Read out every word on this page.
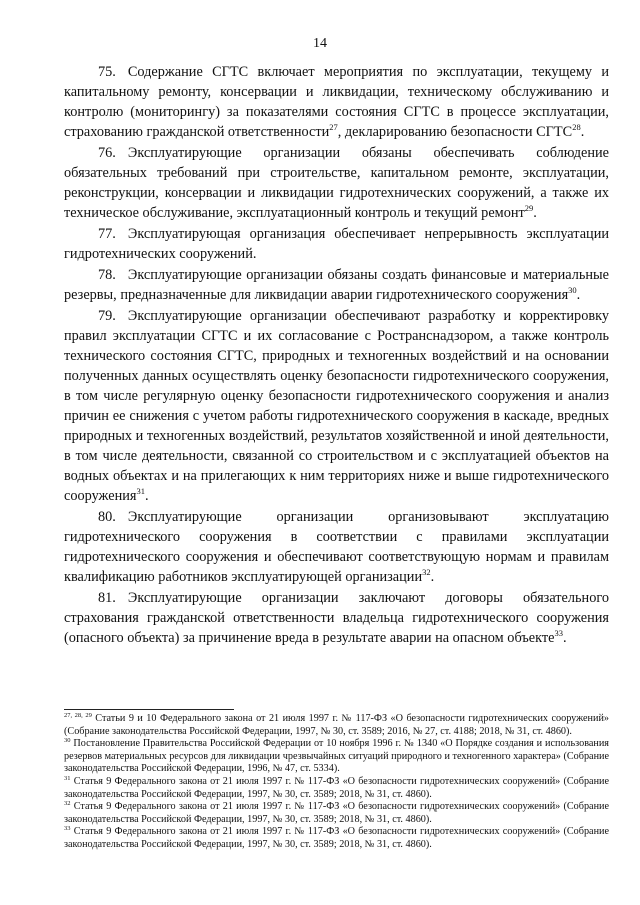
14

75. Содержание СГТС включает мероприятия по эксплуатации, текущему и капитальному ремонту, консервации и ликвидации, техническому обслуживанию и контролю (мониторингу) за показателями состояния СГТС в процессе эксплуатации, страхованию гражданской ответственности$^{27}$, декларированию безопасности СГТС$^{28}$.

76. Эксплуатирующие организации обязаны обеспечивать соблюдение обязательных требований при строительстве, капитальном ремонте, эксплуатации, реконструкции, консервации и ликвидации гидротехнических сооружений, а также их техническое обслуживание, эксплуатационный контроль и текущий ремонт$^{29}$.

77. Эксплуатирующая организация обеспечивает непрерывность эксплуатации гидротехнических сооружений.

78. Эксплуатирующие организации обязаны создать финансовые и материальные резервы, предназначенные для ликвидации аварии гидротехнического сооружения$^{30}$.

79. Эксплуатирующие организации обеспечивают разработку и корректировку правил эксплуатации СГТС и их согласование с Ространснадзором, а также контроль технического состояния СГТС, природных и техногенных воздействий и на основании полученных данных осуществлять оценку безопасности гидротехнического сооружения, в том числе регулярную оценку безопасности гидротехнического сооружения и анализ причин ее снижения с учетом работы гидротехнического сооружения в каскаде, вредных природных и техногенных воздействий, результатов хозяйственной и иной деятельности, в том числе деятельности, связанной со строительством и с эксплуатацией объектов на водных объектах и на прилегающих к ним территориях ниже и выше гидротехнического сооружения$^{31}$.

80. Эксплуатирующие организации организовывают эксплуатацию гидротехнического сооружения в соответствии с правилами эксплуатации гидротехнического сооружения и обеспечивают соответствующую нормам и правилам квалификацию работников эксплуатирующей организации$^{32}$.

81. Эксплуатирующие организации заключают договоры обязательного страхования гражданской ответственности владельца гидротехнического сооружения (опасного объекта) за причинение вреда в результате аварии на опасном объекте$^{33}$.

$^{27, 28, 29}$ Статьи 9 и 10 Федерального закона от 21 июля 1997 г. № 117-ФЗ «О безопасности гидротехнических сооружений» (Собрание законодательства Российской Федерации, 1997, № 30, ст. 3589; 2016, № 27, ст. 4188; 2018, № 31, ст. 4860).

$^{30}$ Постановление Правительства Российской Федерации от 10 ноября 1996 г. № 1340 «О Порядке создания и использования резервов материальных ресурсов для ликвидации чрезвычайных ситуаций природного и техногенного характера» (Собрание законодательства Российской Федерации, 1996, № 47, ст. 5334).

$^{31}$ Статья 9 Федерального закона от 21 июля 1997 г. № 117-ФЗ «О безопасности гидротехнических сооружений» (Собрание законодательства Российской Федерации, 1997, № 30, ст. 3589; 2018, № 31, ст. 4860).

$^{32}$ Статья 9 Федерального закона от 21 июля 1997 г. № 117-ФЗ «О безопасности гидротехнических сооружений» (Собрание законодательства Российской Федерации, 1997, № 30, ст. 3589; 2018, № 31, ст. 4860).

$^{33}$ Статья 9 Федерального закона от 21 июля 1997 г. № 117-ФЗ «О безопасности гидротехнических сооружений» (Собрание законодательства Российской Федерации, 1997, № 30, ст. 3589; 2018, № 31, ст. 4860).
